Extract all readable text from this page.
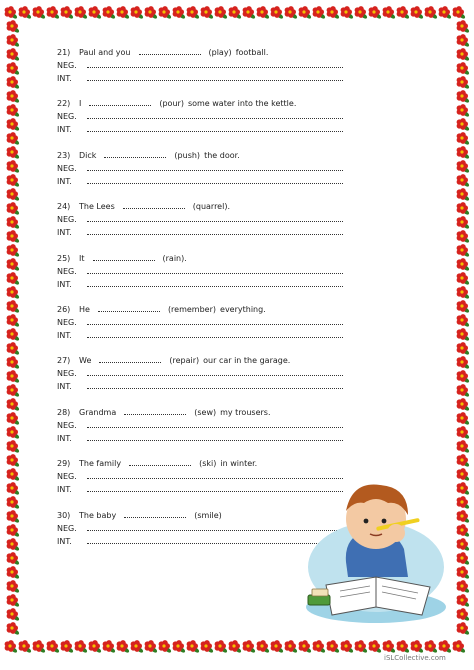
21) Paul and you	(play) football.
NEG.
INT.
22) I	(pour) some water into the kettle.
NEG.
INT.
23) Dick	(push) the door.
NEG.
INT.
24) The Lees	(quarrel).
NEG.
INT.
25) It	(rain).
NEG.
INT.
26) He	(remember) everything.
NEG.
INT.
27) We	(repair) our car in the garage.
NEG.
INT.
28) Grandma	(sew) my trousers.
NEG.
INT.
29) The family	(ski) in winter.
NEG.
INT.
30) The baby	(smile)
NEG.
INT.
iSLCollective.com
